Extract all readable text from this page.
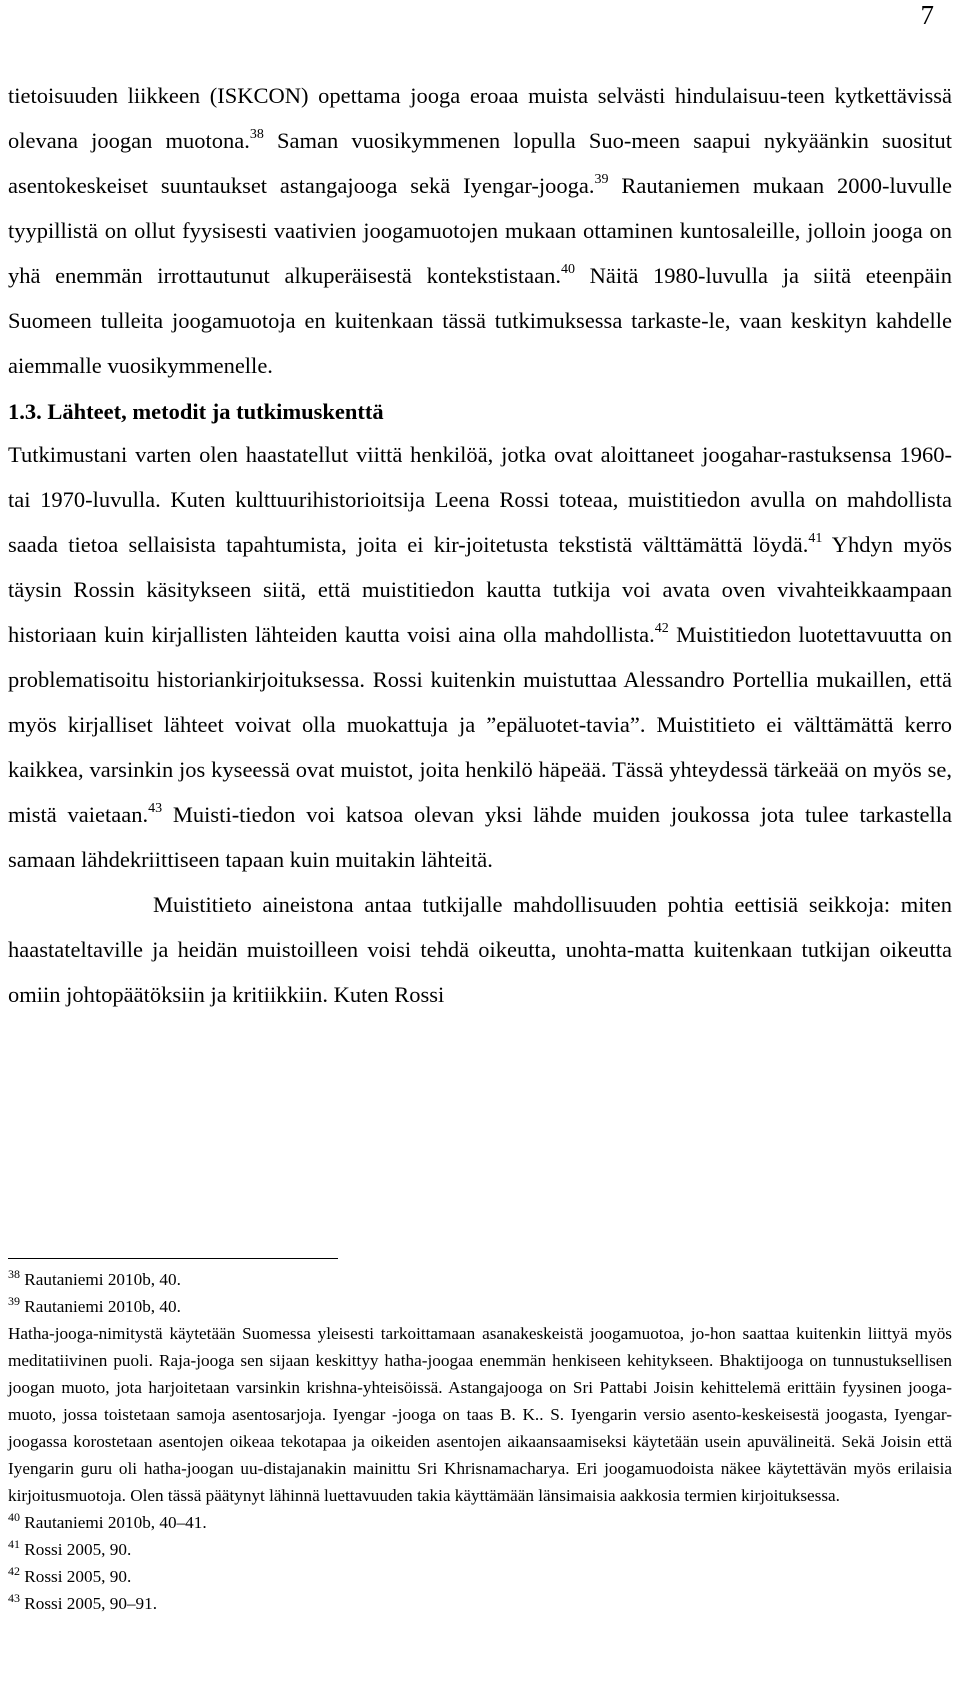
7

tietoisuuden liikkeen (ISKCON) opettama jooga eroaa muista selvästi hindulaisuu-teen kytkettävissä olevana joogan muotona.$^{38}$ Saman vuosikymmenen lopulla Suo-meen saapui nykyäänkin suositut asentokeskeiset suuntaukset astangajooga sekä Iyengar-jooga.$^{39}$ Rautaniemen mukaan 2000-luvulle tyypillistä on ollut fyysisesti vaativien joogamuotojen mukaan ottaminen kuntosaleille, jolloin jooga on yhä enemmän irrottautunut alkuperäisestä kontekstistaan.$^{40}$ Näitä 1980-luvulla ja siitä eteenpäin Suomeen tulleita joogamuotoja en kuitenkaan tässä tutkimuksessa tarkaste-le, vaan keskityn kahdelle aiemmalle vuosikymmenelle.

1.3. Lähteet, metodit ja tutkimuskenttä

Tutkimustani varten olen haastatellut viittä henkilöä, jotka ovat aloittaneet joogahar-rastuksensa 1960- tai 1970-luvulla. Kuten kulttuurihistorioitsija Leena Rossi toteaa, muistitiedon avulla on mahdollista saada tietoa sellaisista tapahtumista, joita ei kir-joitetusta tekstistä välttämättä löydä.$^{41}$ Yhdyn myös täysin Rossin käsitykseen siitä, että muistitiedon kautta tutkija voi avata oven vivahteikkaampaan historiaan kuin kirjallisten lähteiden kautta voisi aina olla mahdollista.$^{42}$ Muistitiedon luotettavuutta on problematisoitu historiankirjoituksessa. Rossi kuitenkin muistuttaa Alessandro Portellia mukaillen, että myös kirjalliset lähteet voivat olla muokattuja ja ”epäluotet-tavia”. Muistitieto ei välttämättä kerro kaikkea, varsinkin jos kyseessä ovat muistot, joita henkilö häpeää. Tässä yhteydessä tärkeää on myös se, mistä vaietaan.$^{43}$ Muisti-tiedon voi katsoa olevan yksi lähde muiden joukossa jota tulee tarkastella samaan lähdekriittiseen tapaan kuin muitakin lähteitä.

Muistitieto aineistona antaa tutkijalle mahdollisuuden pohtia eettisiä seikkoja: miten haastateltaville ja heidän muistoilleen voisi tehdä oikeutta, unohta-matta kuitenkaan tutkijan oikeutta omiin johtopäätöksiin ja kritiikkiin. Kuten Rossi

$^{38}$ Rautaniemi 2010b, 40.

$^{39}$ Rautaniemi 2010b, 40.

Hatha-jooga-nimitystä käytetään Suomessa yleisesti tarkoittamaan asanakeskeistä joogamuotoa, jo-hon saattaa kuitenkin liittyä myös meditatiivinen puoli. Raja-jooga sen sijaan keskittyy hatha-joogaa enemmän henkiseen kehitykseen. Bhaktijooga on tunnustuksellisen joogan muoto, jota harjoitetaan varsinkin krishna-yhteisöissä. Astangajooga on Sri Pattabi Joisin kehittelemä erittäin fyysinen jooga-muoto, jossa toistetaan samoja asentosarjoja. Iyengar -jooga on taas B. K.. S. Iyengarin versio asento-keskeisestä joogasta, Iyengar-joogassa korostetaan asentojen oikeaa tekotapaa ja oikeiden asentojen aikaansaamiseksi käytetään usein apuvälineitä. Sekä Joisin että Iyengarin guru oli hatha-joogan uu-distajanakin mainittu Sri Khrisnamacharya. Eri joogamuodoista näkee käytettävän myös erilaisia kirjoitusmuotoja. Olen tässä päätynyt lähinnä luettavuuden takia käyttämään länsimaisia aakkosia termien kirjoituksessa.

$^{40}$ Rautaniemi 2010b, 40–41.

$^{41}$ Rossi 2005, 90.

$^{42}$ Rossi 2005, 90.

$^{43}$ Rossi 2005, 90–91.
